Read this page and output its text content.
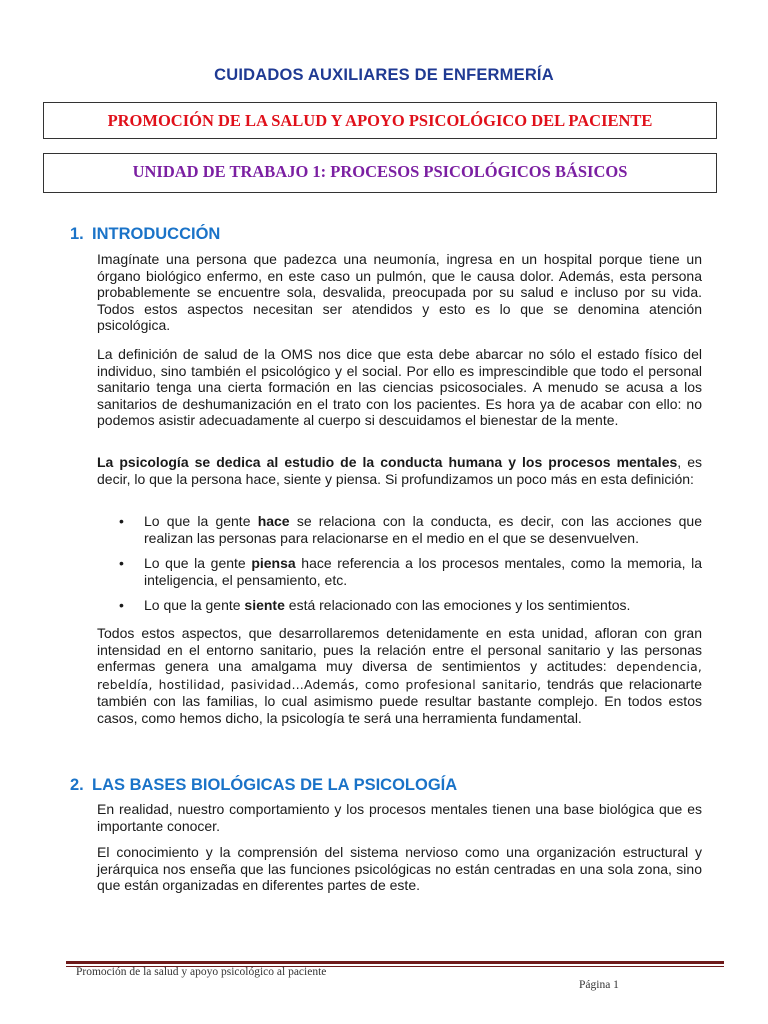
CUIDADOS AUXILIARES DE ENFERMERÍA
PROMOCIÓN DE LA SALUD Y APOYO PSICOLÓGICO DEL PACIENTE
UNIDAD DE TRABAJO 1: PROCESOS PSICOLÓGICOS BÁSICOS
1. INTRODUCCIÓN
Imagínate una persona que padezca una neumonía, ingresa en un hospital porque tiene un órgano biológico enfermo, en este caso un pulmón, que le causa dolor. Además, esta persona probablemente se encuentre sola, desvalida, preocupada por su salud e incluso por su vida. Todos estos aspectos necesitan ser atendidos y esto es lo que se denomina atención psicológica.
La definición de salud de la OMS nos dice que esta debe abarcar no sólo el estado físico del individuo, sino también el psicológico y el social. Por ello es imprescindible que todo el personal sanitario tenga una cierta formación en las ciencias psicosociales. A menudo se acusa a los sanitarios de deshumanización en el trato con los pacientes. Es hora ya de acabar con ello: no podemos asistir adecuadamente al cuerpo si descuidamos el bienestar de la mente.
La psicología se dedica al estudio de la conducta humana y los procesos mentales, es decir, lo que la persona hace, siente y piensa. Si profundizamos un poco más en esta definición:
• Lo que la gente hace se relaciona con la conducta, es decir, con las acciones que realizan las personas para relacionarse en el medio en el que se desenvuelven.
• Lo que la gente piensa hace referencia a los procesos mentales, como la memoria, la inteligencia, el pensamiento, etc.
• Lo que la gente siente está relacionado con las emociones y los sentimientos.
Todos estos aspectos, que desarrollaremos detenidamente en esta unidad, afloran con gran intensidad en el entorno sanitario, pues la relación entre el personal sanitario y las personas enfermas genera una amalgama muy diversa de sentimientos y actitudes: dependencia, rebeldía, hostilidad, pasividad…Además, como profesional sanitario, tendrás que relacionarte también con las familias, lo cual asimismo puede resultar bastante complejo. En todos estos casos, como hemos dicho, la psicología te será una herramienta fundamental.
2. LAS BASES BIOLÓGICAS DE LA PSICOLOGÍA
En realidad, nuestro comportamiento y los procesos mentales tienen una base biológica que es importante conocer.
El conocimiento y la comprensión del sistema nervioso como una organización estructural y jerárquica nos enseña que las funciones psicológicas no están centradas en una sola zona, sino que están organizadas en diferentes partes de este.
Promoción de la salud y apoyo psicológico al paciente
Página 1
